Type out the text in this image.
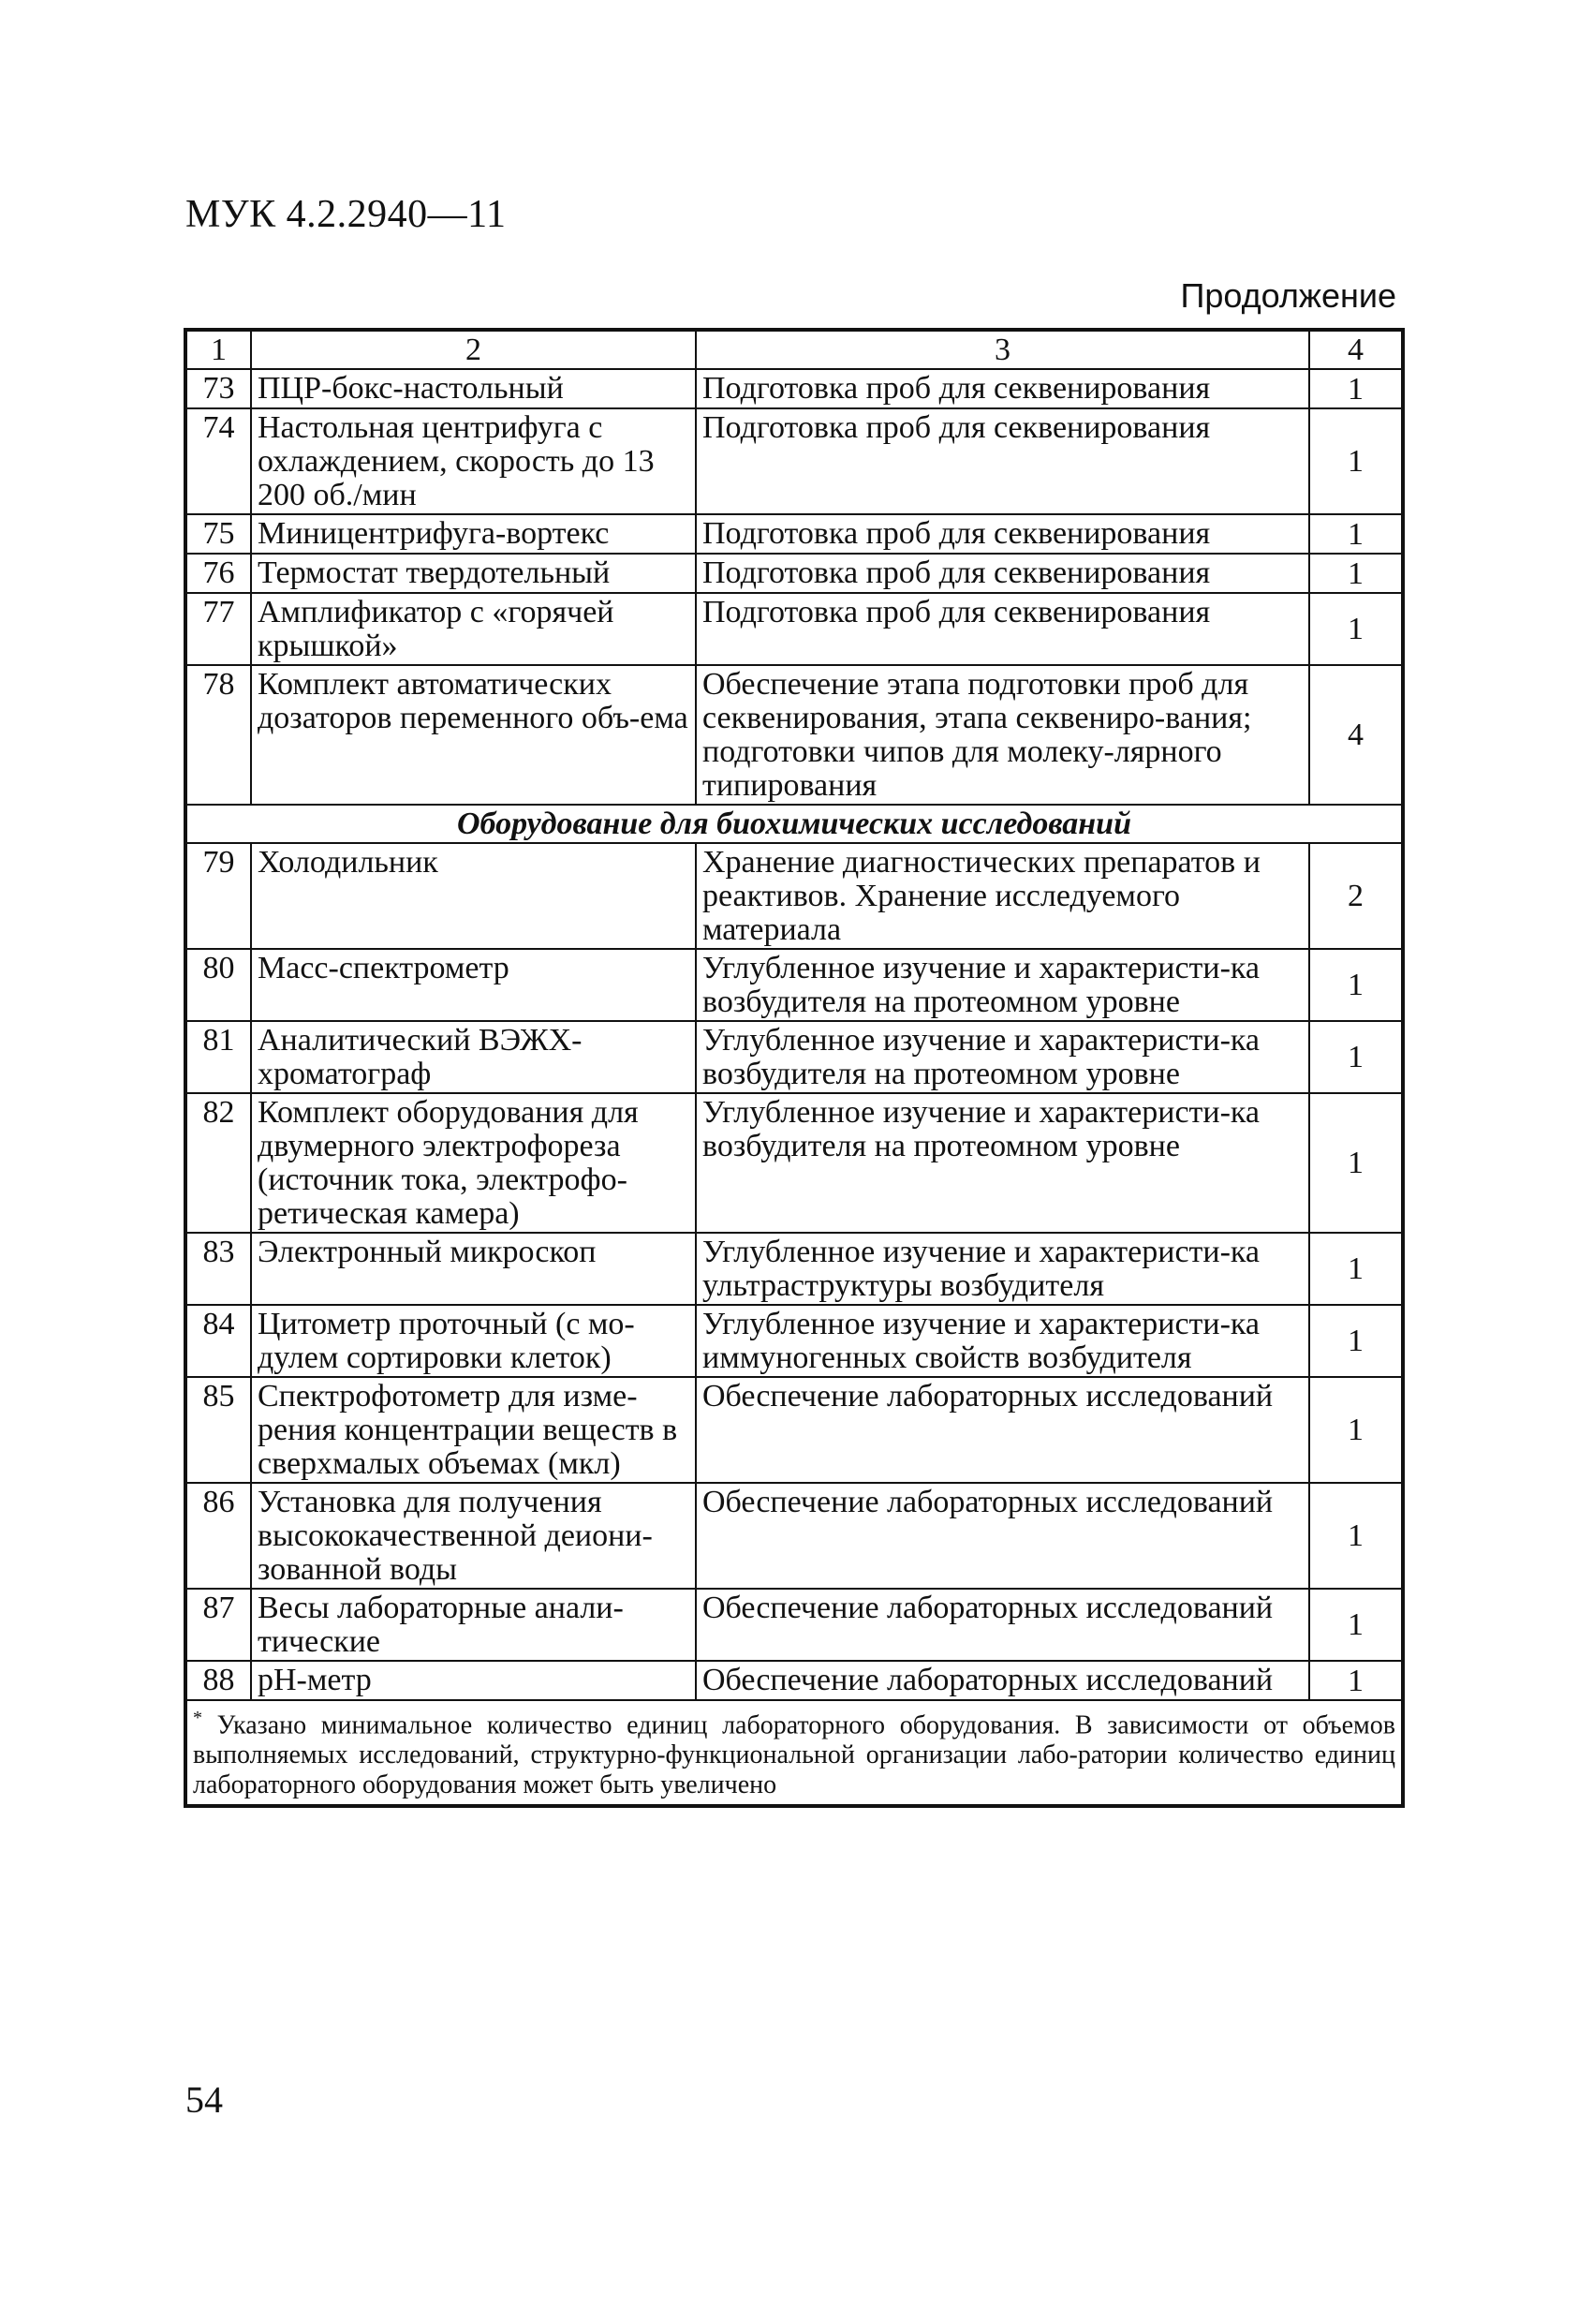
МУК 4.2.2940—11
Продолжение
1	2	3	4
73	ПЦР-бокс-настольный	Подготовка проб для секвенирования	1
74	Настольная центрифуга с охлаждением, скорость до 13 200 об./мин	Подготовка проб для секвенирования	1
75	Миницентрифуга-вортекс	Подготовка проб для секвенирования	1
76	Термостат твердотельный	Подготовка проб для секвенирования	1
77	Амплификатор с «горячей крышкой»	Подготовка проб для секвенирования	1
78	Комплект автоматических дозаторов переменного объ-ема	Обеспечение этапа подготовки проб для секвенирования, этапа секвениро-вания; подготовки чипов для молеку-лярного типирования	4
Оборудование для биохимических исследований			
79	Холодильник	Хранение диагностических препаратов и реактивов. Хранение исследуемого материала	2
80	Масс-спектрометр	Углубленное изучение и характеристи-ка возбудителя на протеомном уровне	1
81	Аналитический ВЭЖХ-хроматограф	Углубленное изучение и характеристи-ка возбудителя на протеомном уровне	1
82	Комплект оборудования для двумерного электрофореза (источник тока, электрофо-ретическая камера)	Углубленное изучение и характеристи-ка возбудителя на протеомном уровне	1
83	Электронный микроскоп	Углубленное изучение и характеристи-ка ультраструктуры возбудителя	1
84	Цитометр проточный (с мо-дулем сортировки клеток)	Углубленное изучение и характеристи-ка иммуногенных свойств возбудителя	1
85	Спектрофотометр для изме-рения концентрации веществ в сверхмалых объемах (мкл)	Обеспечение лабораторных исследований	1
86	Установка для получения высококачественной деиони-зованной воды	Обеспечение лабораторных исследований	1
87	Весы лабораторные анали-тические	Обеспечение лабораторных исследований	1
88	pH-метр	Обеспечение лабораторных исследований	1
* Указано минимальное количество единиц лабораторного оборудования. В зависимости от объемов выполняемых исследований, структурно-функциональной организации лабо-ратории количество единиц лабораторного оборудования может быть увеличено			
54
